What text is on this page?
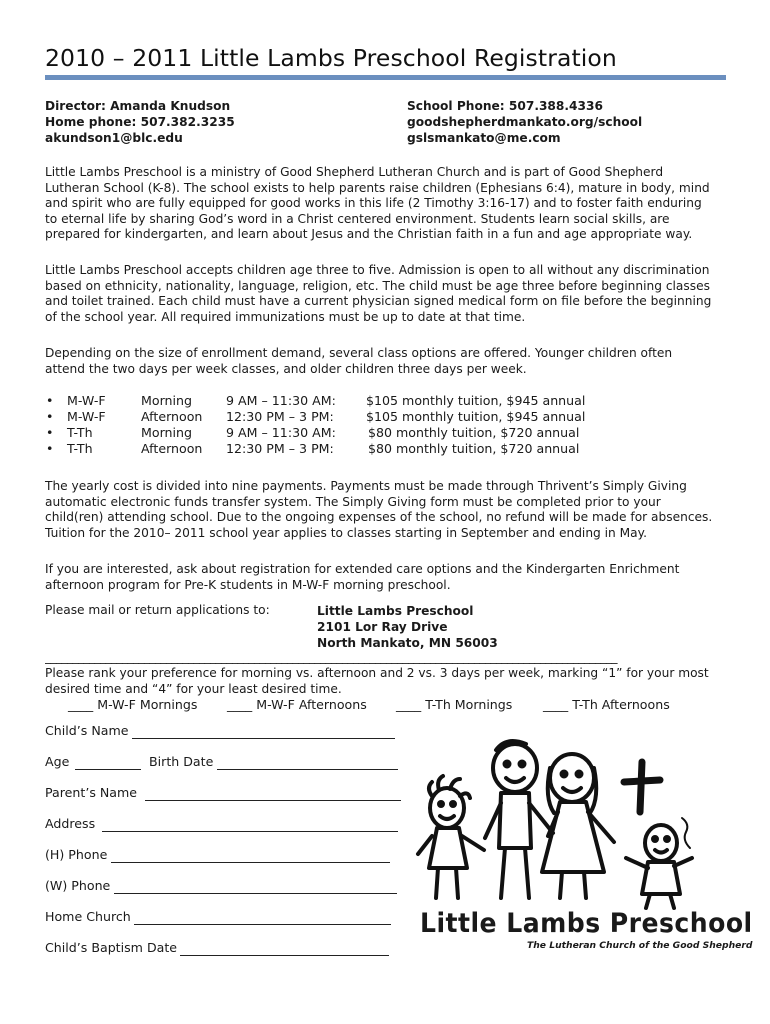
2010 – 2011 Little Lambs Preschool Registration
Director: Amanda Knudson
Home phone: 507.382.3235
akundson1@blc.edu
School Phone: 507.388.4336
goodshepherdmankato.org/school
gslsmankato@me.com
Little Lambs Preschool is a ministry of Good Shepherd Lutheran Church and is part of Good Shepherd
Lutheran School (K-8). The school exists to help parents raise children (Ephesians 6:4), mature in body, mind
and spirit who are fully equipped for good works in this life (2 Timothy 3:16-17) and to foster faith enduring
to eternal life by sharing God’s word in a Christ centered environment. Students learn social skills, are
prepared for kindergarten, and learn about Jesus and the Christian faith in a fun and age appropriate way.
Little Lambs Preschool accepts children age three to five. Admission is open to all without any discrimination
based on ethnicity, nationality, language, religion, etc. The child must be age three before beginning classes
and toilet trained. Each child must have a current physician signed medical form on file before the beginning
of the school year. All required immunizations must be up to date at that time.
Depending on the size of enrollment demand, several class options are offered. Younger children often
attend the two days per week classes, and older children three days per week.
• M-W-F	Morning	9 AM – 11:30 AM: $105 monthly tuition, $945 annual
• M-W-F	Afternoon 12:30 PM – 3 PM:	$105 monthly tuition, $945 annual
• T-Th	Morning	9 AM – 11:30 AM:	$80 monthly tuition, $720 annual
• T-Th	Afternoon 12:30 PM – 3 PM:	$80 monthly tuition, $720 annual
The yearly cost is divided into nine payments. Payments must be made through Thrivent’s Simply Giving
automatic electronic funds transfer system. The Simply Giving form must be completed prior to your
child(ren) attending school. Due to the ongoing expenses of the school, no refund will be made for absences.
Tuition for the 2010– 2011 school year applies to classes starting in September and ending in May.
If you are interested, ask about registration for extended care options and the Kindergarten Enrichment
afternoon program for Pre-K students in M-W-F morning preschool.
Please mail or return applications to:	Little Lambs Preschool
2101 Lor Ray Drive
North Mankato, MN 56003
________________________________________________________________________________________________________
Please rank your preference for morning vs. afternoon and 2 vs. 3 days per week, marking “1” for your most
desired time and “4” for your least desired time.
____ M-W-F Mornings ____ M-W-F Afternoons ____ T-Th Mornings ____ T-Th Afternoons
Child’s Name
Age	Birth Date
Parent’s Name
Address
(H) Phone
(W) Phone
Home Church
Child’s Baptism Date
Little Lambs Preschool
The Lutheran Church of the Good Shepherd
